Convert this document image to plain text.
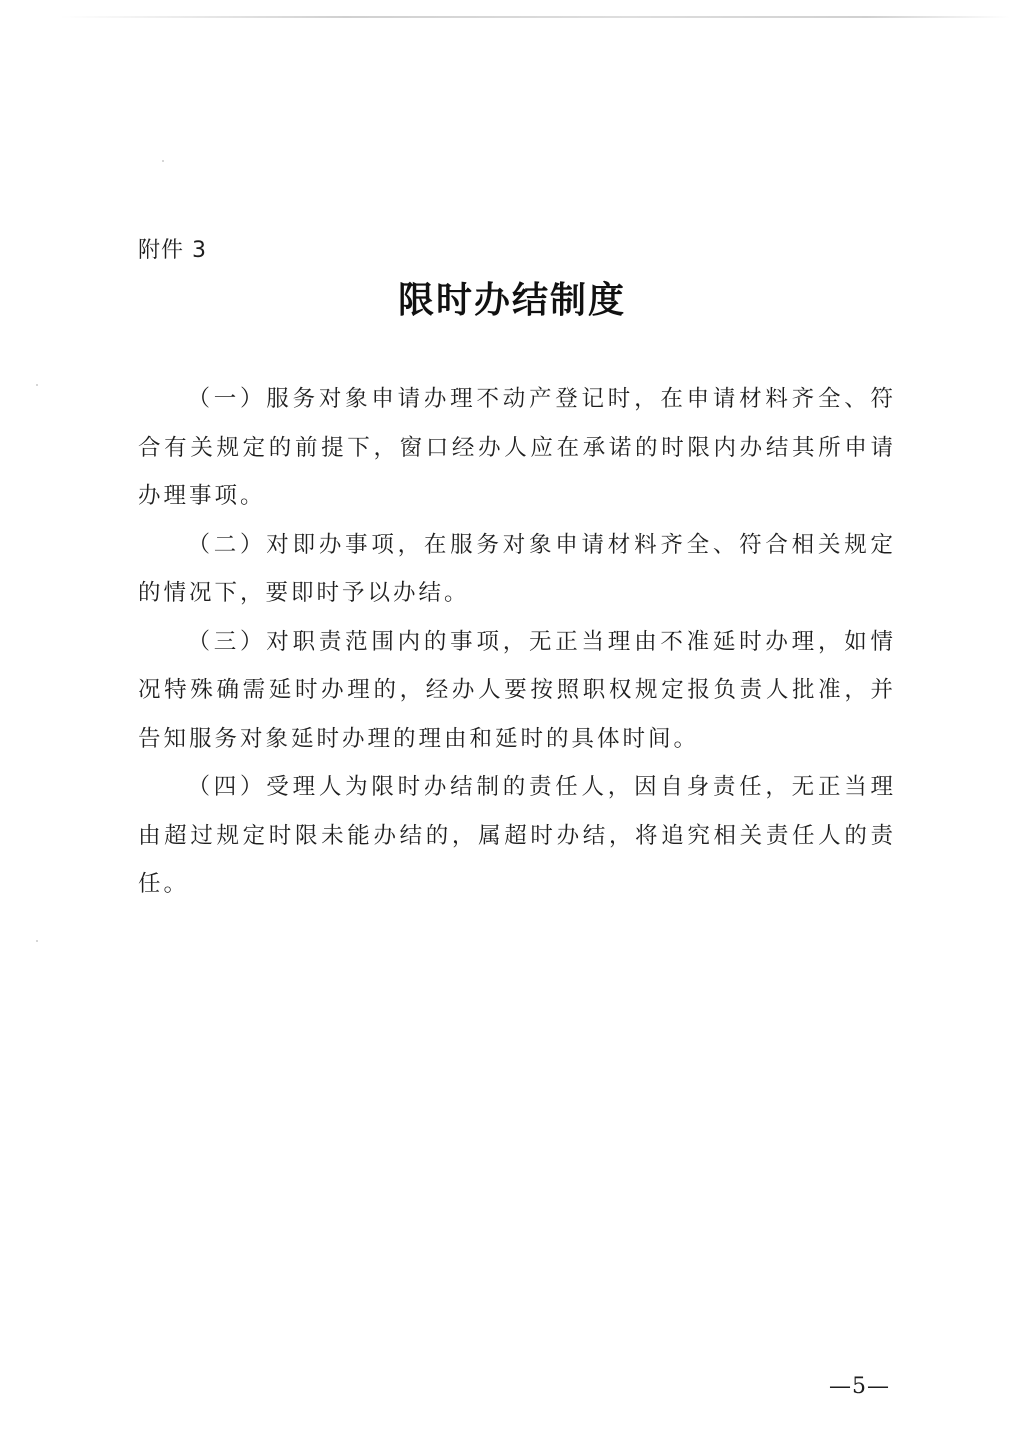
附件 3
限时办结制度

（一）服务对象申请办理不动产登记时，在申请材料齐全、符合有关规定的前提下，窗口经办人应在承诺的时限内办结其所申请办理事项。

（二）对即办事项，在服务对象申请材料齐全、符合相关规定的情况下，要即时予以办结。

（三）对职责范围内的事项，无正当理由不准延时办理，如情况特殊确需延时办理的，经办人要按照职权规定报负责人批准，并告知服务对象延时办理的理由和延时的具体时间。

（四）受理人为限时办结制的责任人，因自身责任，无正当理由超过规定时限未能办结的，属超时办结，将追究相关责任人的责任。

—5—
